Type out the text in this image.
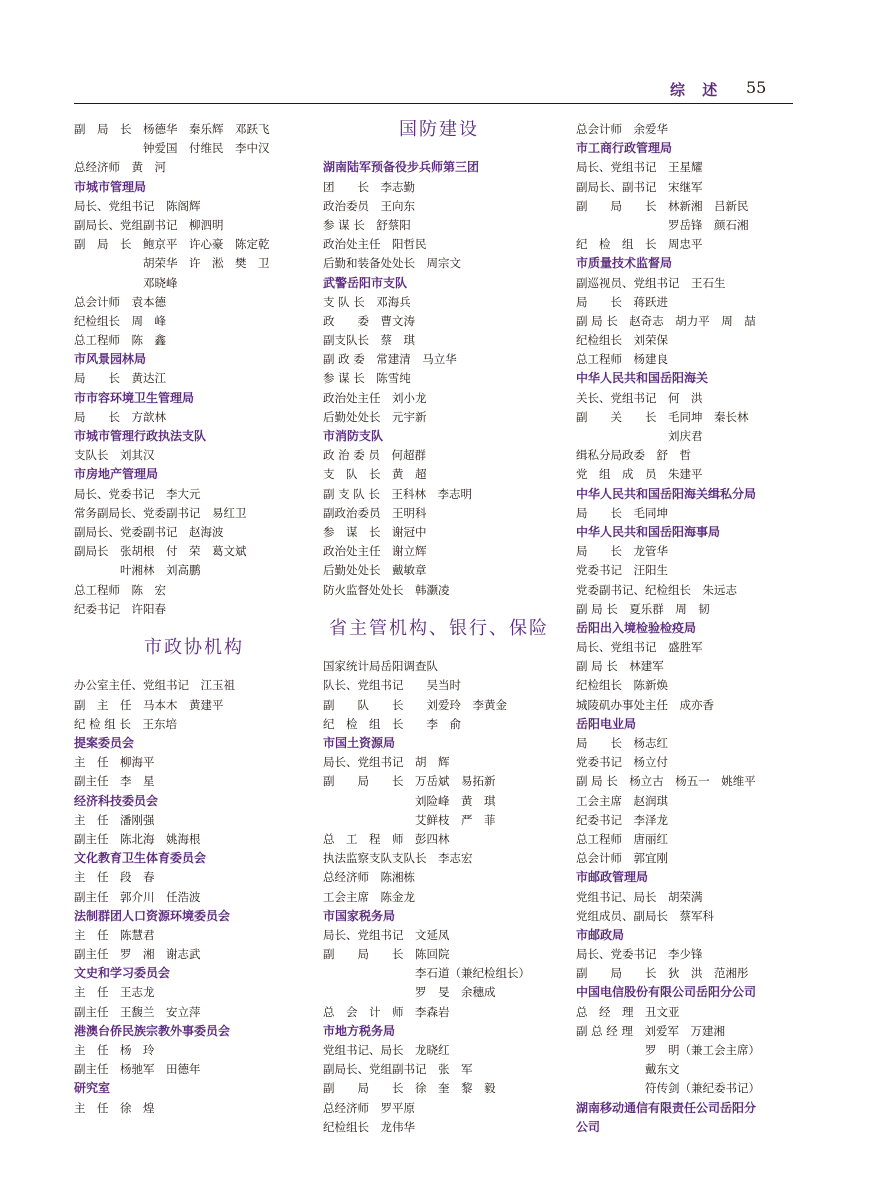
综 述 55
副　局　长　杨德华　秦乐辉　邓跃飞
　　　　　　钟爱国　付维民　李中汉
总经济师　黄　河
市城市管理局
局长、党组书记　陈阁辉
副局长、党组副书记　柳泗明
副　局　长　鲍京平　许心豪　陈定乾
　　　　　　胡荣华　许　淞　樊　卫
　　　　　　邓晓峰
总会计师　袁本德
纪检组长　周　峰
总工程师　陈　鑫
市风景园林局
局　　长　黄达江
市市容环境卫生管理局
局　　长　方歆林
市城市管理行政执法支队
支队长　刘其汉
市房地产管理局
局长、党委书记　李大元
常务副局长、党委副书记　易红卫
副局长、党委副书记　赵海波
副局长　张胡根　付　荣　葛文斌
　　　　叶湘林　刘高鹏
总工程师　陈　宏
纪委书记　许阳春
市政协机构
办公室主任、党组书记　江玉祖
副　主　任　马本木　黄建平
纪 检 组 长　王东培
提案委员会
主　任　柳海平
副主任　李　星
经济科技委员会
主　任　潘刚强
副主任　陈北海　姚海根
文化教育卫生体育委员会
主　任　段　春
副主任　郭介川　任浩波
法制群团人口资源环境委员会
主　任　陈慧君
副主任　罗　湘　谢志武
文史和学习委员会
主　任　王志龙
副主任　王馥兰　安立萍
港澳台侨民族宗教外事委员会
主　任　杨　玲
副主任　杨驰军　田德年
研究室
主　任　徐　煌
国防建设
湖南陆军预备役步兵师第三团
团　　长　李志勤
政治委员　王向东
参 谋 长　舒蔡阳
政治处主任　阳哲民
后勤和装备处处长　周宗文
武警岳阳市支队
支 队 长　邓海兵
政　　委　曹文涛
副支队长　蔡　琪
副 政 委　常建清　马立华
参 谋 长　陈雪纯
政治处主任　刘小龙
后勤处处长　元宇新
市消防支队
政 治 委 员　何超群
支　队　长　黄　超
副 支 队 长　王科林　李志明
副政治委员　王明科
参　谋　长　谢冠中
政治处主任　谢立辉
后勤处处长　戴敏章
防火监督处处长　韩灏凌
省主管机构、银行、保险
国家统计局岳阳调查队
队长、党组书记　　吴当时
副　　队　　长　　刘爱玲　李黄金
纪　检　组　长　　李　俞
市国土资源局
局长、党组书记　胡　辉
副　　局　　长　万岳斌　易拓新
　　　　　　　　刘险峰　黄　琪
　　　　　　　　艾鲜枝　严　菲
总　工　程　师　彭四林
执法监察支队支队长　李志宏
总经济师　陈湘栋
工会主席　陈金龙
市国家税务局
局长、党组书记　文延凤
副　　局　　长　陈回院
　　　　　　　　李石道（兼纪检组长）
　　　　　　　　罗　旻　余穗成
总　会　计　师　李森岩
市地方税务局
党组书记、局长　龙晓红
副局长、党组副书记　张　军
副　　局　　长　徐　奎　黎　毅
总经济师　罗平原
纪检组长　龙伟华
总会计师　余爱华
市工商行政管理局
局长、党组书记　王星耀
副局长、副书记　宋继军
副　　局　　长　林新湘　吕新民
　　　　　　　　罗岳锋　颜石湘
纪　检　组　长　周忠平
市质量技术监督局
副巡视员、党组书记　王石生
局　　长　蒋跃进
副 局 长　赵奇志　胡力平　周　喆
纪检组长　刘荣保
总工程师　杨建良
中华人民共和国岳阳海关
关长、党组书记　何　洪
副　　关　　长　毛同坤　秦长林
　　　　　　　　刘庆君
缉私分局政委　舒　哲
党　组　成　员　朱建平
中华人民共和国岳阳海关缉私分局
局　　长　毛同坤
中华人民共和国岳阳海事局
局　　长　龙管华
党委书记　汪阳生
党委副书记、纪检组长　朱远志
副 局 长　夏乐群　周　韧
岳阳出入境检验检疫局
局长、党组书记　盛胜军
副 局 长　林建军
纪检组长　陈新焕
城陵矶办事处主任　成亦香
岳阳电业局
局　　长　杨志红
党委书记　杨立付
副 局 长　杨立古　杨五一　姚维平
工会主席　赵润琪
纪委书记　李泽龙
总工程师　唐丽红
总会计师　郭宜刚
市邮政管理局
党组书记、局长　胡荣满
党组成员、副局长　蔡军科
市邮政局
局长、党委书记　李少锋
副　　局　　长　狄　洪　范湘彤
中国电信股份有限公司岳阳分公司
总　经　理　丑文亚
副 总 经 理　刘爱军　万建湘
　　　　　　罗　明（兼工会主席）
　　　　　　戴东文
　　　　　　符传剑（兼纪委书记）
湖南移动通信有限责任公司岳阳分
公司
